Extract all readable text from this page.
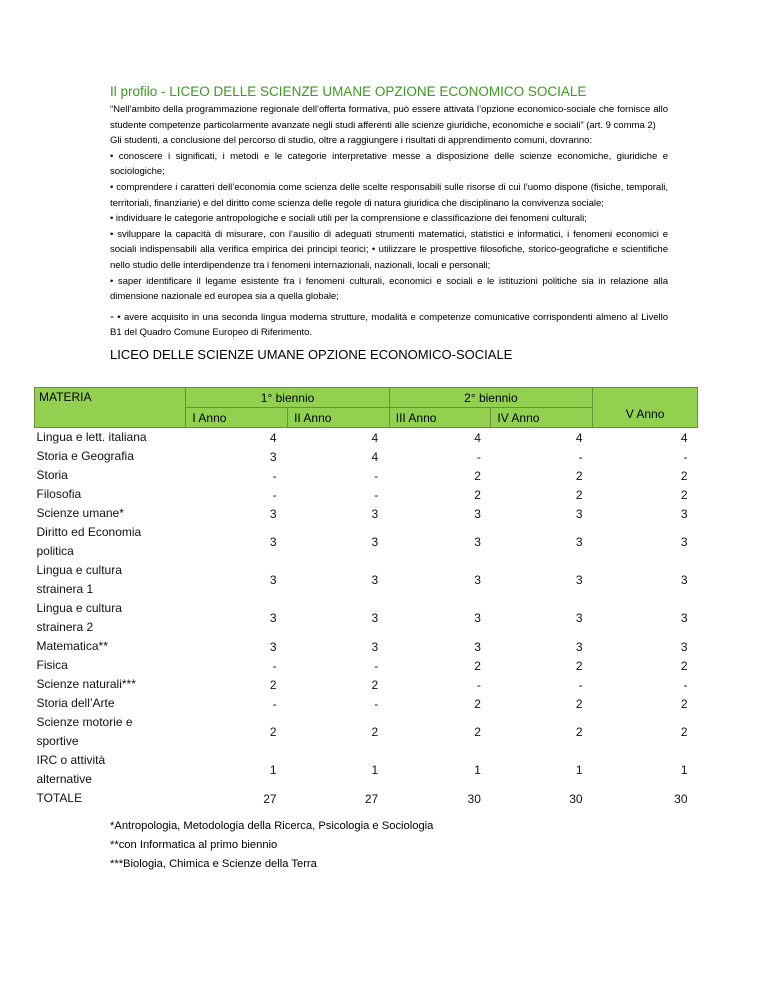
Il profilo - LICEO DELLE SCIENZE UMANE OPZIONE ECONOMICO SOCIALE

“Nell’ambito della programmazione regionale dell’offerta formativa, può essere attivata l’opzione economico-sociale che fornisce allo studente competenze particolarmente avanzate negli studi afferenti alle scienze giuridiche, economiche e sociali” (art. 9 comma 2)

Gli studenti, a conclusione del percorso di studio, oltre a raggiungere i risultati di apprendimento comuni, dovranno:

• conoscere i significati, i metodi e le categorie interpretative messe a disposizione delle scienze economiche, giuridiche e sociologiche;

• comprendere i caratteri dell’economia come scienza delle scelte responsabili sulle risorse di cui l’uomo dispone (fisiche, temporali, territoriali, finanziarie) e del diritto come scienza delle regole di natura giuridica che disciplinano la convivenza sociale;

• individuare le categorie antropologiche e sociali utili per la comprensione e classificazione dei fenomeni culturali;

• sviluppare la capacità di misurare, con l’ausilio di adeguati strumenti matematici, statistici e informatici, i fenomeni economici e sociali indispensabili alla verifica empirica dei principi teorici; • utilizzare le prospettive filosofiche, storico-geografiche e scientifiche nello studio delle interdipendenze tra i fenomeni internazionali, nazionali, locali e personali;

• saper identificare il legame esistente fra i fenomeni culturali, economici e sociali e le istituzioni politiche sia in relazione alla dimensione nazionale ed europea sia a quella globale;

- • avere acquisito in una seconda lingua moderna strutture, modalità e competenze comunicative corrispondenti almeno al Livello B1 del Quadro Comune Europeo di Riferimento.

LICEO DELLE SCIENZE UMANE OPZIONE ECONOMICO-SOCIALE
MATERIA	1° biennio		2° biennio		V Anno
	I Anno	II Anno	III Anno	IV Anno	
Lingua e lett. italiana	4	4	4	4	4
Storia e Geografia	3	4	-	-	-
Storia	-	-	2	2	2
Filosofia	-	-	2	2	2
Scienze umane*	3	3	3	3	3

Diritto ed Economia
politica	3	3	3	3	3

Lingua e cultura
strainera 1	3	3	3	3	3

Lingua e cultura
strainera 2	3	3	3	3	3
Matematica**	3	3	3	3	3
Fisica	-	-	2	2	2
Scienze naturali***	2	2	-	-	-
Storia dell’Arte	-	-	2	2	2

Scienze motorie e
sportive	2	2	2	2	2

IRC o attività
alternative	1	1	1	1	1
TOTALE	27	27	30	30	30
*Antropologia, Metodologia della Ricerca, Psicologia e Sociologia
**con Informatica al primo biennio
***Biologia, Chimica e Scienze della Terra
